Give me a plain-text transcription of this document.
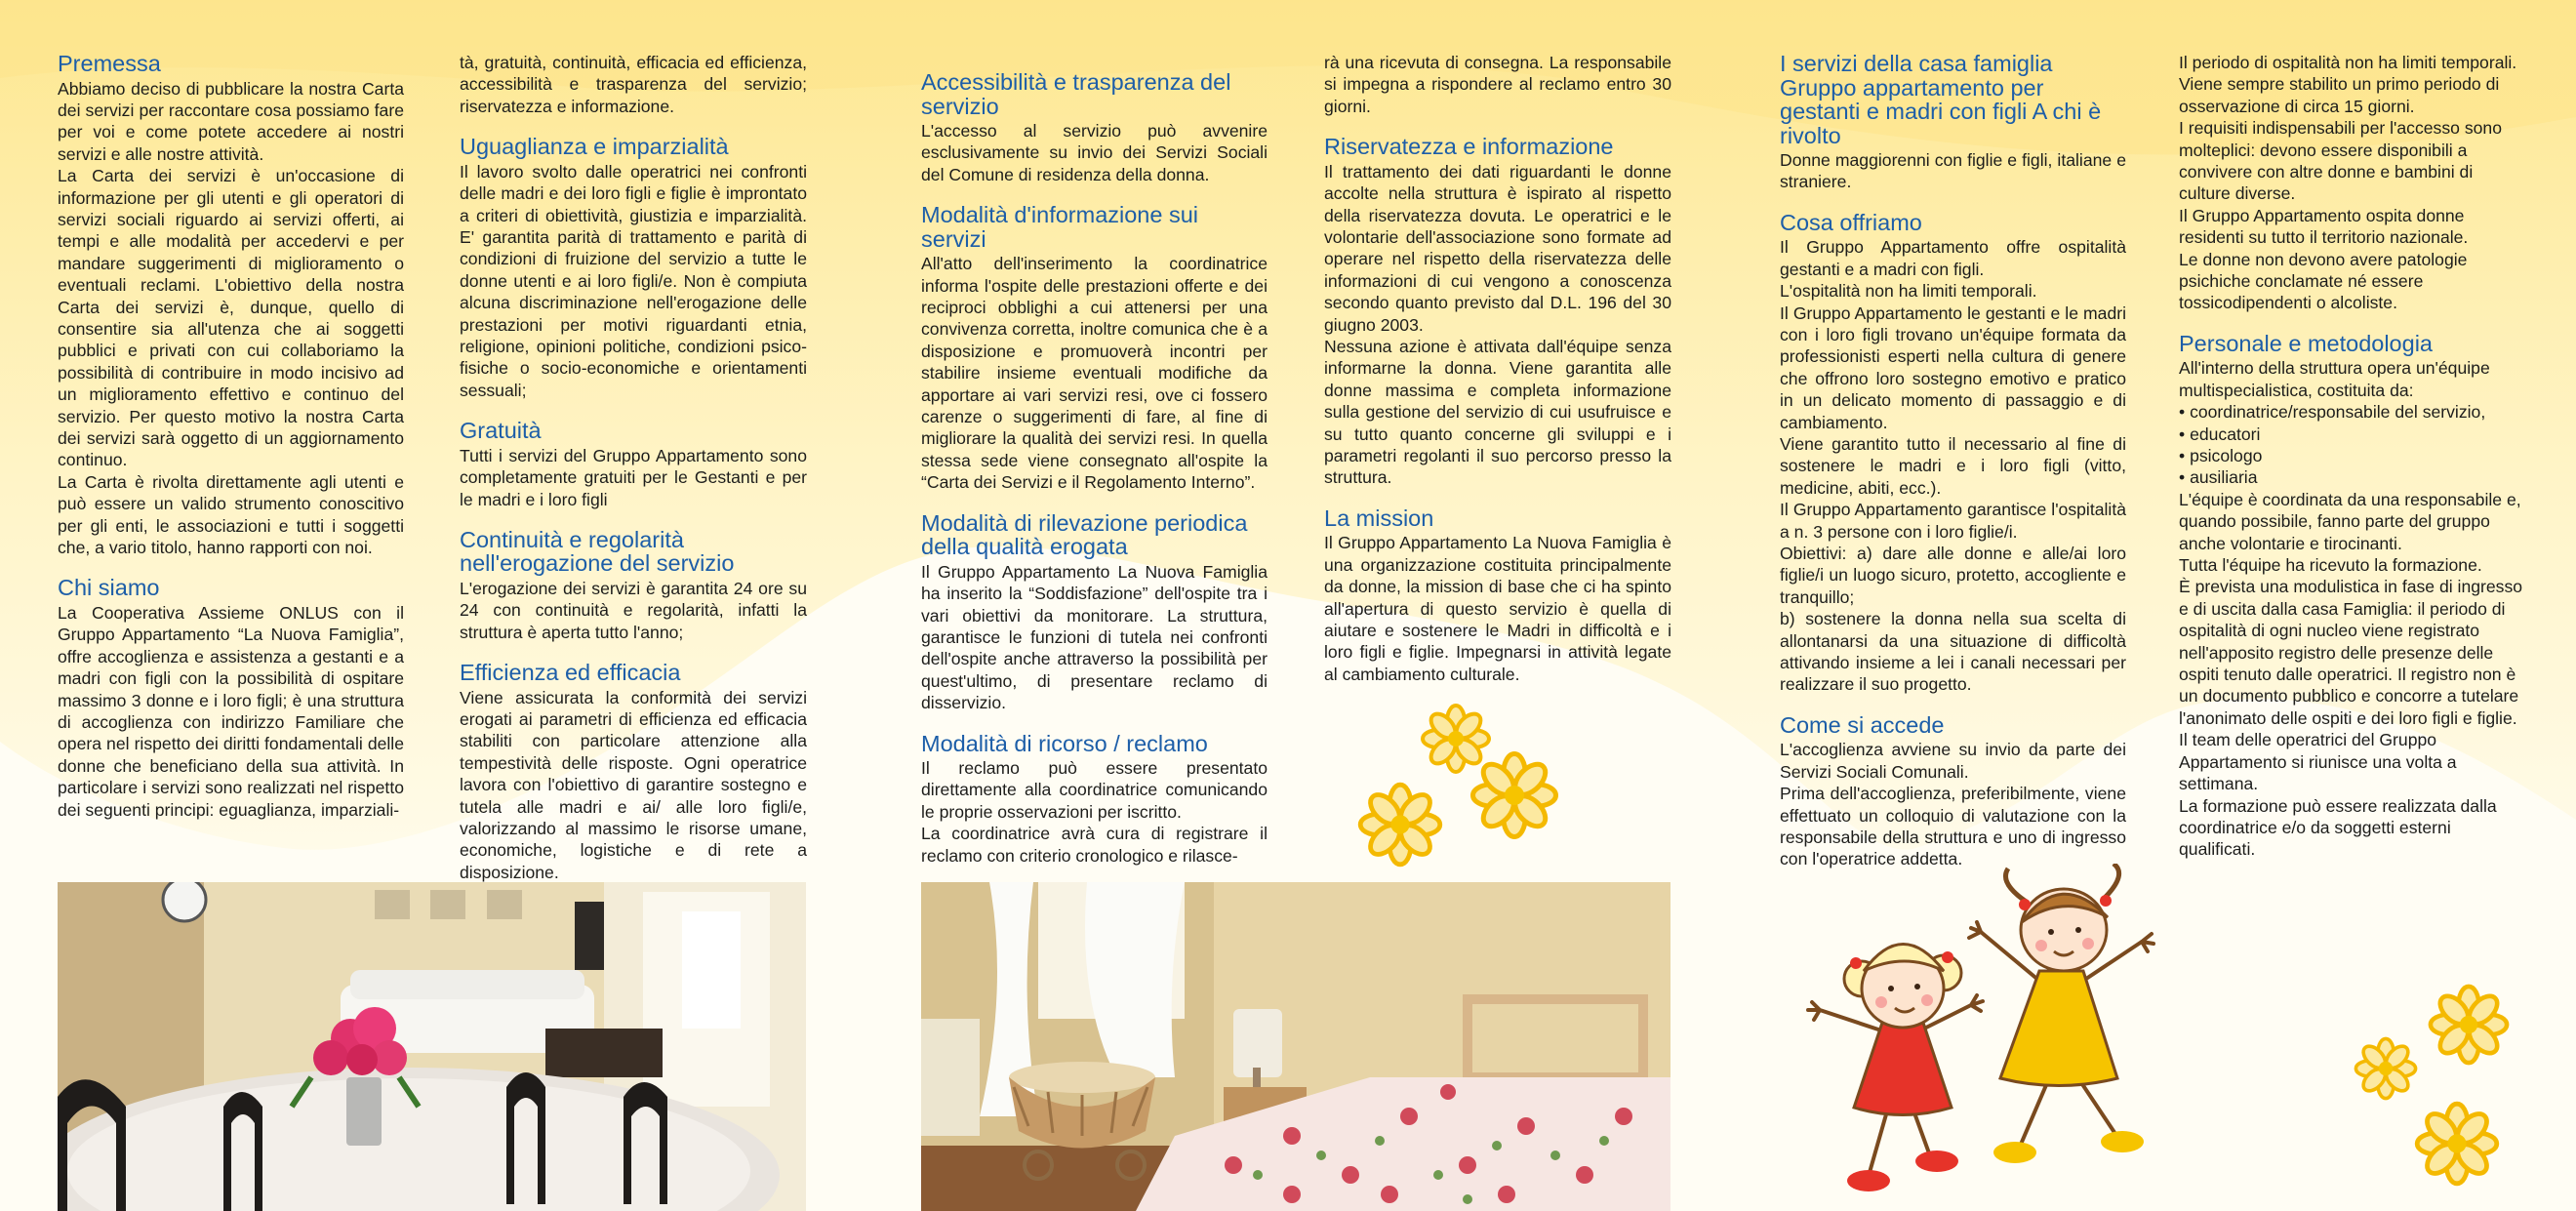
Premessa

Abbiamo deciso di pubblicare la nostra Carta dei servizi per raccontare cosa possiamo fare per voi e come potete accedere ai nostri servizi e alle nostre attività.

La Carta dei servizi è un'occasione di informazione per gli utenti e gli operatori di servizi sociali riguardo ai servizi offerti, ai tempi e alle modalità per accedervi e per mandare suggerimenti di miglioramento o eventuali reclami. L'obiettivo della nostra Carta dei servizi è, dunque, quello di consentire sia all'utenza che ai soggetti pubblici e privati con cui collaboriamo la possibilità di contribuire in modo incisivo ad un miglioramento effettivo e continuo del servizio. Per questo motivo la nostra Carta dei servizi sarà oggetto di un aggiornamento continuo.

La Carta è rivolta direttamente agli utenti e può essere un valido strumento conoscitivo per gli enti, le associazioni e tutti i soggetti che, a vario titolo, hanno rapporti con noi.

Chi siamo

La Cooperativa Assieme ONLUS con il Gruppo Appartamento “La Nuova Famiglia”, offre accoglienza e assistenza a gestanti e a madri con figli con la possibilità di ospitare massimo 3 donne e i loro figli; è una struttura di accoglienza con indirizzo Familiare che opera nel rispetto dei diritti fondamentali delle donne che beneficiano della sua attività. In particolare i servizi sono realizzati nel rispetto dei seguenti principi: eguaglianza, imparziali-

tà, gratuità, continuità, efficacia ed efficienza, accessibilità e trasparenza del servizio; riservatezza e informazione.

Uguaglianza e imparzialità

Il lavoro svolto dalle operatrici nei confronti delle madri e dei loro figli e figlie è improntato a criteri di obiettività, giustizia e imparzialità. E' garantita parità di trattamento e parità di condizioni di fruizione del servizio a tutte le donne utenti e ai loro figli/e. Non è compiuta alcuna discriminazione nell'erogazione delle prestazioni per motivi riguardanti etnia, religione, opinioni politiche, condizioni psico-fisiche o socio-economiche e orientamenti sessuali;

Gratuità

Tutti i servizi del Gruppo Appartamento sono completamente gratuiti per le Gestanti e per le madri e i loro figli

Continuità e regolarità nell'erogazione del servizio

L'erogazione dei servizi è garantita 24 ore su 24 con continuità e regolarità, infatti la struttura è aperta tutto l'anno;

Efficienza ed efficacia

Viene assicurata la conformità dei servizi erogati ai parametri di efficienza ed efficacia stabiliti con particolare attenzione alla tempestività delle risposte. Ogni operatrice lavora con l'obiettivo di garantire sostegno e tutela alle madri e ai/ alle loro figli/e, valorizzando al massimo le risorse umane, economiche, logistiche e di rete a disposizione.

Accessibilità e trasparenza del servizio

L'accesso al servizio può avvenire esclusivamente su invio dei Servizi Sociali del Comune di residenza della donna.

Modalità d'informazione sui servizi

All'atto dell'inserimento la coordinatrice informa l'ospite delle prestazioni offerte e dei reciproci obblighi a cui attenersi per una convivenza corretta, inoltre comunica che è a disposizione e promuoverà incontri per stabilire insieme eventuali modifiche da apportare ai vari servizi resi, ove ci fossero carenze o suggerimenti di fare, al fine di migliorare la qualità dei servizi resi. In quella stessa sede viene consegnato all'ospite la “Carta dei Servizi e il Regolamento Interno”.

Modalità di rilevazione periodica della qualità erogata

Il Gruppo Appartamento La Nuova Famiglia ha inserito la “Soddisfazione” dell'ospite tra i vari obiettivi da monitorare. La struttura, garantisce le funzioni di tutela nei confronti dell'ospite anche attraverso la possibilità per quest'ultimo, di presentare reclamo di disservizio.

Modalità di ricorso / reclamo

Il reclamo può essere presentato direttamente alla coordinatrice comunicando le proprie osservazioni per iscritto.

La coordinatrice avrà cura di registrare il reclamo con criterio cronologico e rilasce-

rà una ricevuta di consegna. La responsabile si impegna a rispondere al reclamo entro 30 giorni.

Riservatezza e informazione

Il trattamento dei dati riguardanti le donne accolte nella struttura è ispirato al rispetto della riservatezza dovuta. Le operatrici e le volontarie dell'associazione sono formate ad operare nel rispetto della riservatezza delle informazioni di cui vengono a conoscenza secondo quanto previsto dal D.L. 196 del 30 giugno 2003.

Nessuna azione è attivata dall'équipe senza informarne la donna. Viene garantita alle donne massima e completa informazione sulla gestione del servizio di cui usufruisce e su tutto quanto concerne gli sviluppi e i parametri regolanti il suo percorso presso la struttura.

La mission

Il Gruppo Appartamento La Nuova Famiglia è una organizzazione costituita principalmente da donne, la mission di base che ci ha spinto all'apertura di questo servizio è quella di aiutare e sostenere le Madri in difficoltà e i loro figli e figlie. Impegnarsi in attività legate al cambiamento culturale.

I servizi della casa famiglia Gruppo appartamento per gestanti e madri con figli A chi è rivolto

Donne maggiorenni con figlie e figli, italiane e straniere.

Cosa offriamo

Il Gruppo Appartamento offre ospitalità gestanti e a madri con figli.

L'ospitalità non ha limiti temporali.

Il Gruppo Appartamento le gestanti e le madri con i loro figli trovano un'équipe formata da professionisti esperti nella cultura di genere che offrono loro sostegno emotivo e pratico in un delicato momento di passaggio e di cambiamento.

Viene garantito tutto il necessario al fine di sostenere le madri e i loro figli (vitto, medicine, abiti, ecc.).

Il Gruppo Appartamento garantisce l'ospitalità a n. 3 persone con i loro figlie/i.

Obiettivi: a) dare alle donne e alle/ai loro figlie/i un luogo sicuro, protetto, accogliente e tranquillo;

b) sostenere la donna nella sua scelta di allontanarsi da una situazione di difficoltà attivando insieme a lei i canali necessari per realizzare il suo progetto.

Come si accede

L'accoglienza avviene su invio da parte dei Servizi Sociali Comunali.

Prima dell'accoglienza, preferibilmente, viene effettuato un colloquio di valutazione con la responsabile della struttura e uno di ingresso con l'operatrice addetta.

Il periodo di ospitalità non ha limiti temporali.

Viene sempre stabilito un primo periodo di osservazione di circa 15 giorni.

I requisiti indispensabili per l'accesso sono molteplici: devono essere disponibili a convivere con altre donne e bambini di culture diverse.

Il Gruppo Appartamento ospita donne residenti su tutto il territorio nazionale.

Le donne non devono avere patologie psichiche conclamate né essere tossicodipendenti o alcoliste.

Personale e metodologia

All'interno della struttura opera un'équipe multispecialistica, costituita da:

• coordinatrice/responsabile del servizio,
• educatori
• psicologo
• ausiliaria

L'équipe è coordinata da una responsabile e, quando possibile, fanno parte del gruppo anche volontarie e tirocinanti.

Tutta l'équipe ha ricevuto la formazione.

È prevista una modulistica in fase di ingresso e di uscita dalla casa Famiglia: il periodo di ospitalità di ogni nucleo viene registrato nell'apposito registro delle presenze delle ospiti tenuto dalle operatrici. Il registro non è un documento pubblico e concorre a tutelare l'anonimato delle ospiti e dei loro figli e figlie.

Il team delle operatrici del Gruppo Appartamento si riunisce una volta a settimana.

La formazione può essere realizzata dalla coordinatrice e/o da soggetti esterni qualificati.
